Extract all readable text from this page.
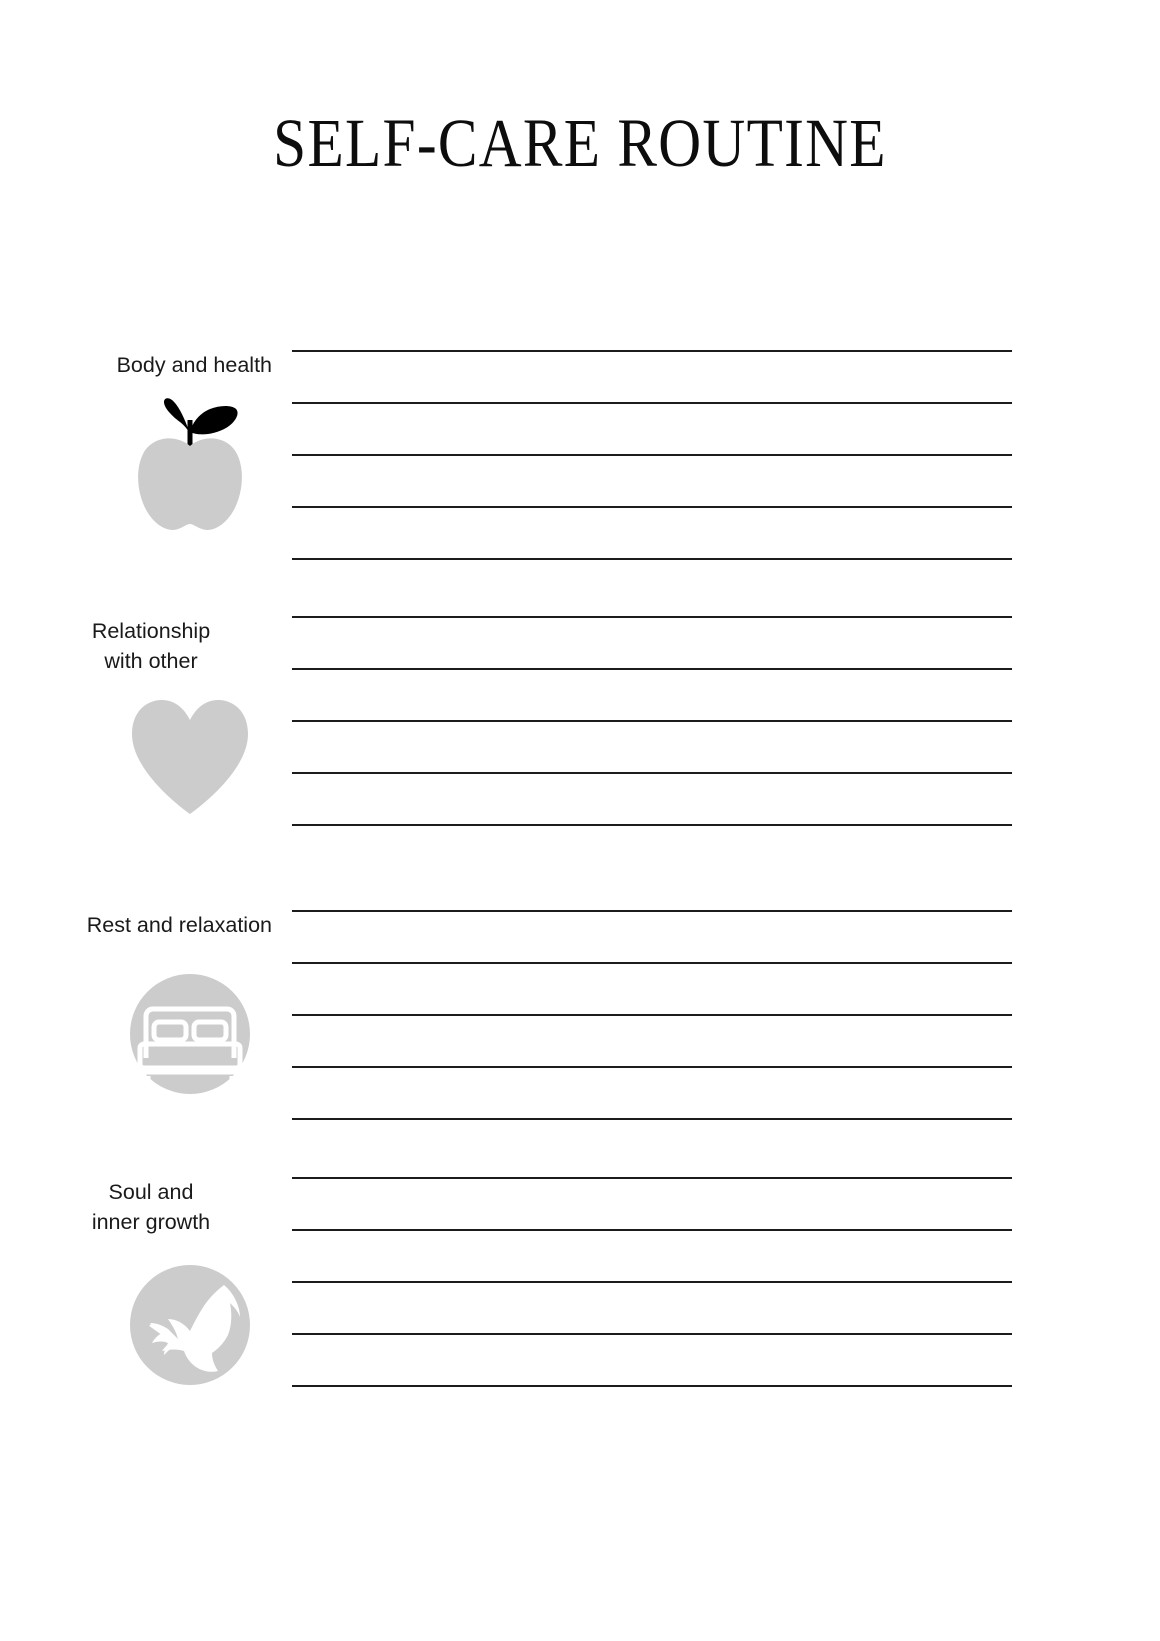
SELF-CARE ROUTINE
Body and health
Relationship
with other
Rest and relaxation
Soul and
inner growth
